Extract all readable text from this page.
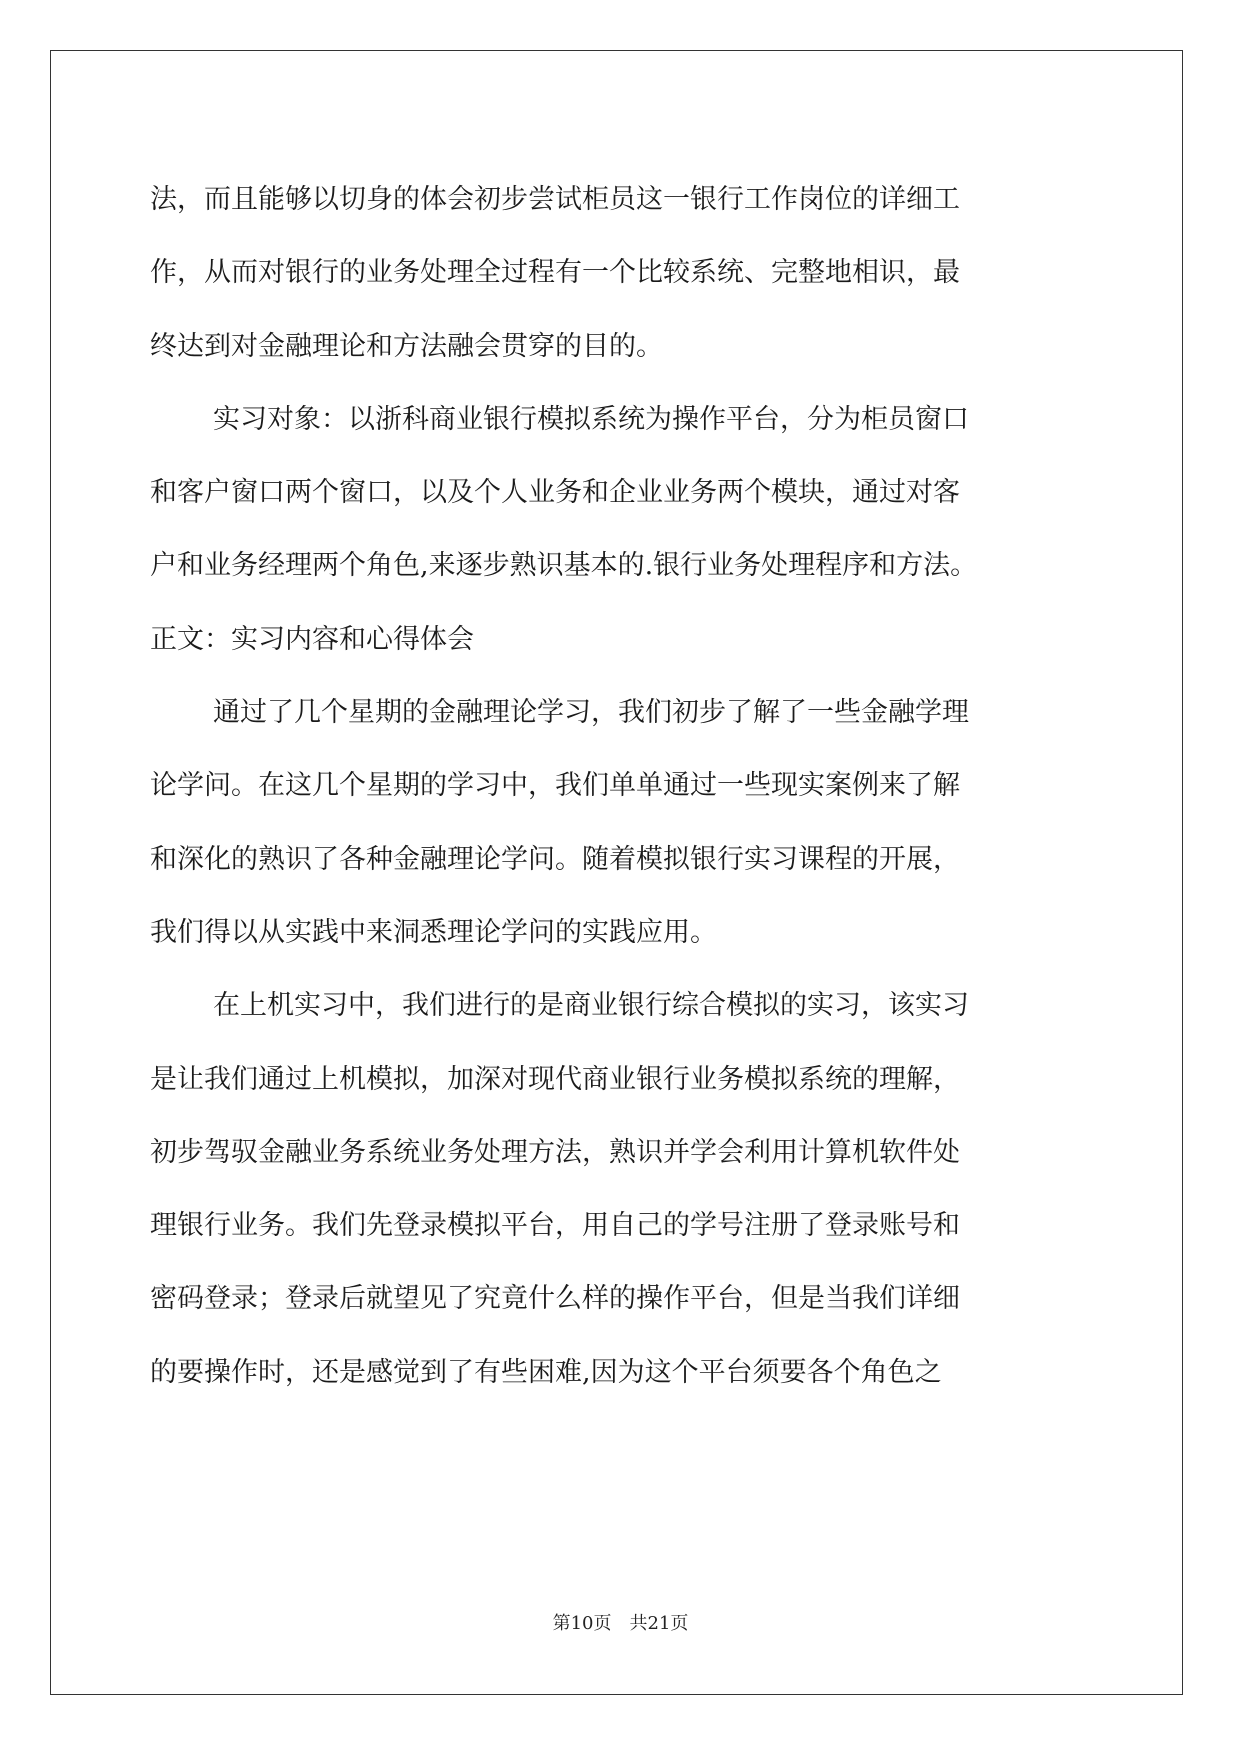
法，而且能够以切身的体会初步尝试柜员这一银行工作岗位的详细工
作，从而对银行的业务处理全过程有一个比较系统、完整地相识，最
终达到对金融理论和方法融会贯穿的目的。
实习对象：以浙科商业银行模拟系统为操作平台，分为柜员窗口
和客户窗口两个窗口，以及个人业务和企业业务两个模块，通过对客
户和业务经理两个角色,来逐步熟识基本的.银行业务处理程序和方法。
正文：实习内容和心得体会
通过了几个星期的金融理论学习，我们初步了解了一些金融学理
论学问。在这几个星期的学习中，我们单单通过一些现实案例来了解
和深化的熟识了各种金融理论学问。随着模拟银行实习课程的开展，
我们得以从实践中来洞悉理论学问的实践应用。
在上机实习中，我们进行的是商业银行综合模拟的实习，该实习
是让我们通过上机模拟，加深对现代商业银行业务模拟系统的理解，
初步驾驭金融业务系统业务处理方法，熟识并学会利用计算机软件处
理银行业务。我们先登录模拟平台，用自己的学号注册了登录账号和
密码登录；登录后就望见了究竟什么样的操作平台，但是当我们详细
的要操作时，还是感觉到了有些困难,因为这个平台须要各个角色之
第10页 共21页
